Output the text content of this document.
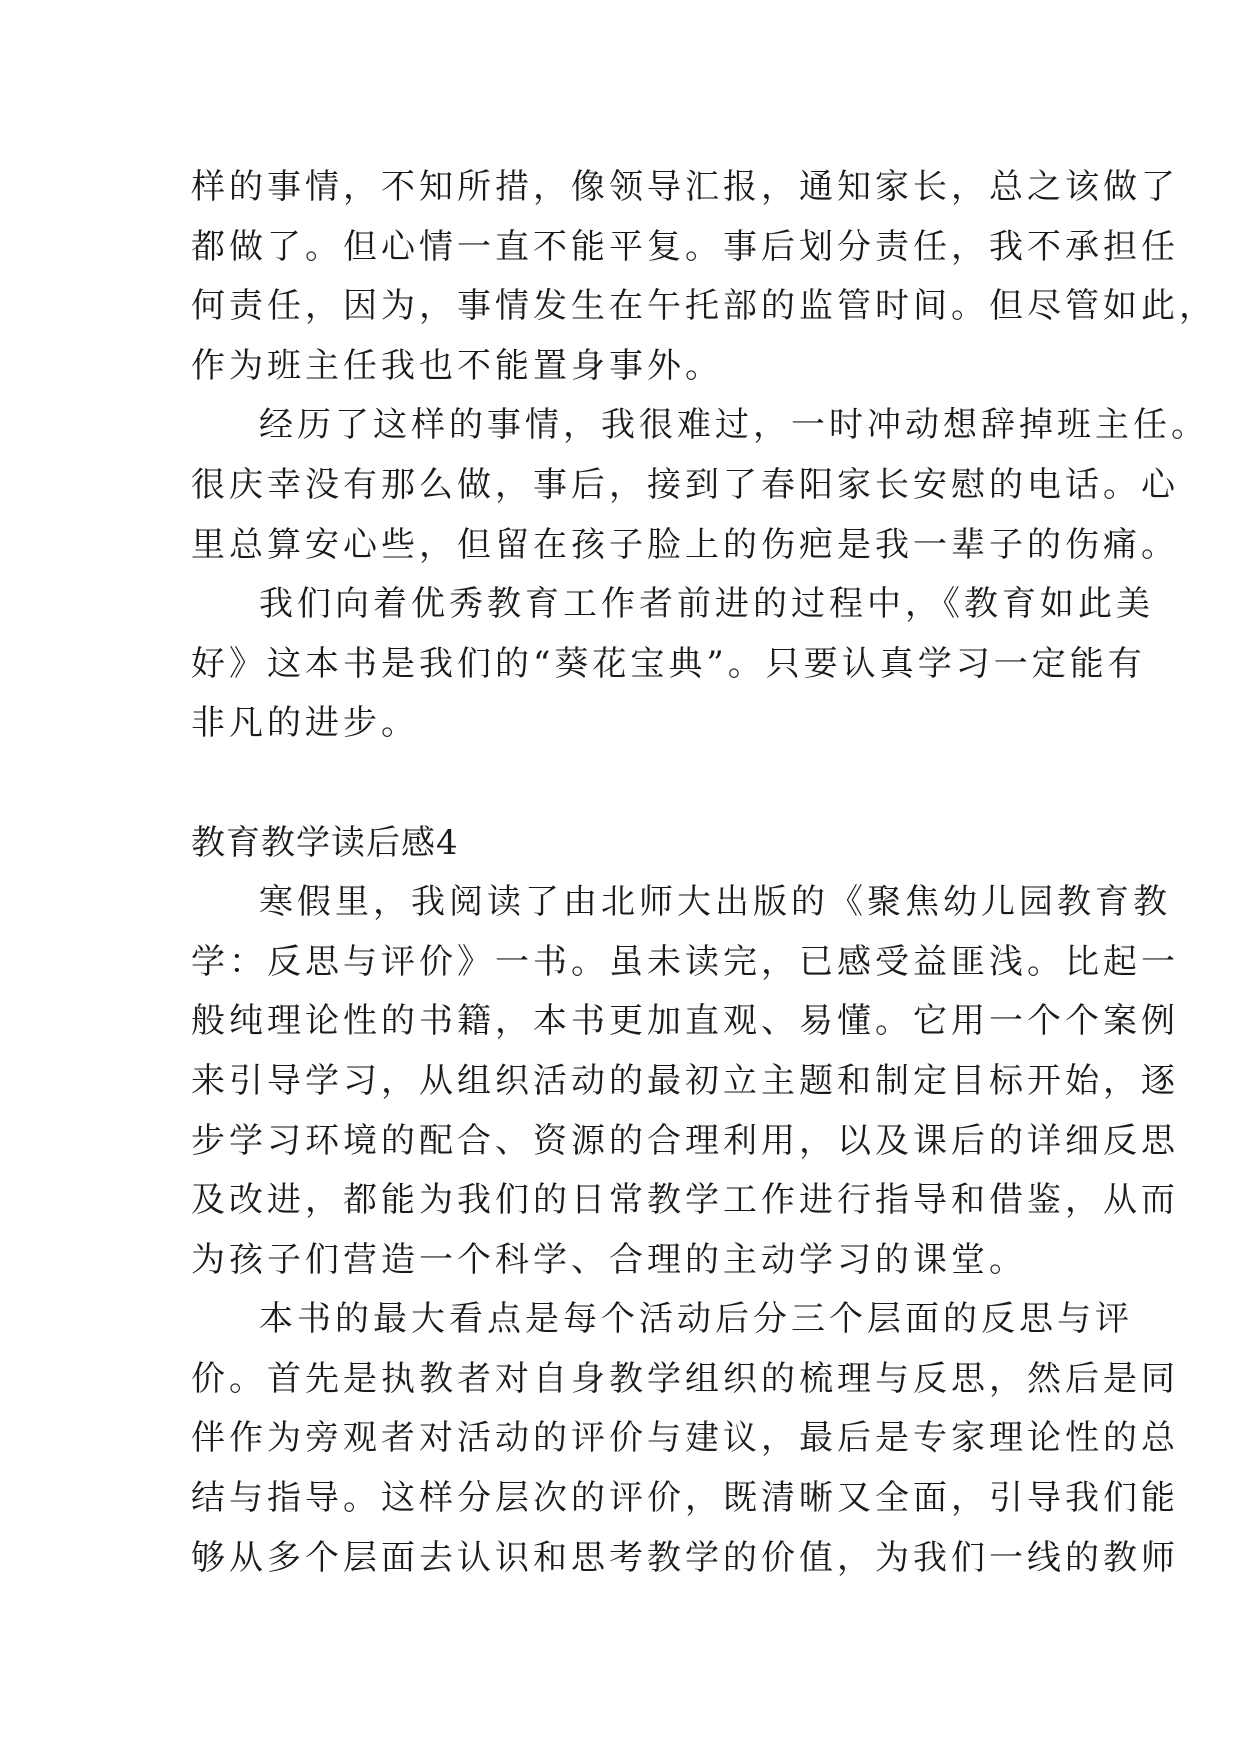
样的事情，不知所措，像领导汇报，通知家长，总之该做了
都做了。但心情一直不能平复。事后划分责任，我不承担任
何责任，因为，事情发生在午托部的监管时间。但尽管如此，
作为班主任我也不能置身事外。
经历了这样的事情，我很难过，一时冲动想辞掉班主任。
很庆幸没有那么做，事后，接到了春阳家长安慰的电话。心
里总算安心些，但留在孩子脸上的伤疤是我一辈子的伤痛。
我们向着优秀教育工作者前进的过程中，《教育如此美
好》这本书是我们的“葵花宝典”。只要认真学习一定能有
非凡的进步。
教育教学读后感4
寒假里，我阅读了由北师大出版的《聚焦幼儿园教育教
学：反思与评价》一书。虽未读完，已感受益匪浅。比起一
般纯理论性的书籍，本书更加直观、易懂。它用一个个案例
来引导学习，从组织活动的最初立主题和制定目标开始，逐
步学习环境的配合、资源的合理利用，以及课后的详细反思
及改进，都能为我们的日常教学工作进行指导和借鉴，从而
为孩子们营造一个科学、合理的主动学习的课堂。
本书的最大看点是每个活动后分三个层面的反思与评
价。首先是执教者对自身教学组织的梳理与反思，然后是同
伴作为旁观者对活动的评价与建议，最后是专家理论性的总
结与指导。这样分层次的评价，既清晰又全面，引导我们能
够从多个层面去认识和思考教学的价值，为我们一线的教师
